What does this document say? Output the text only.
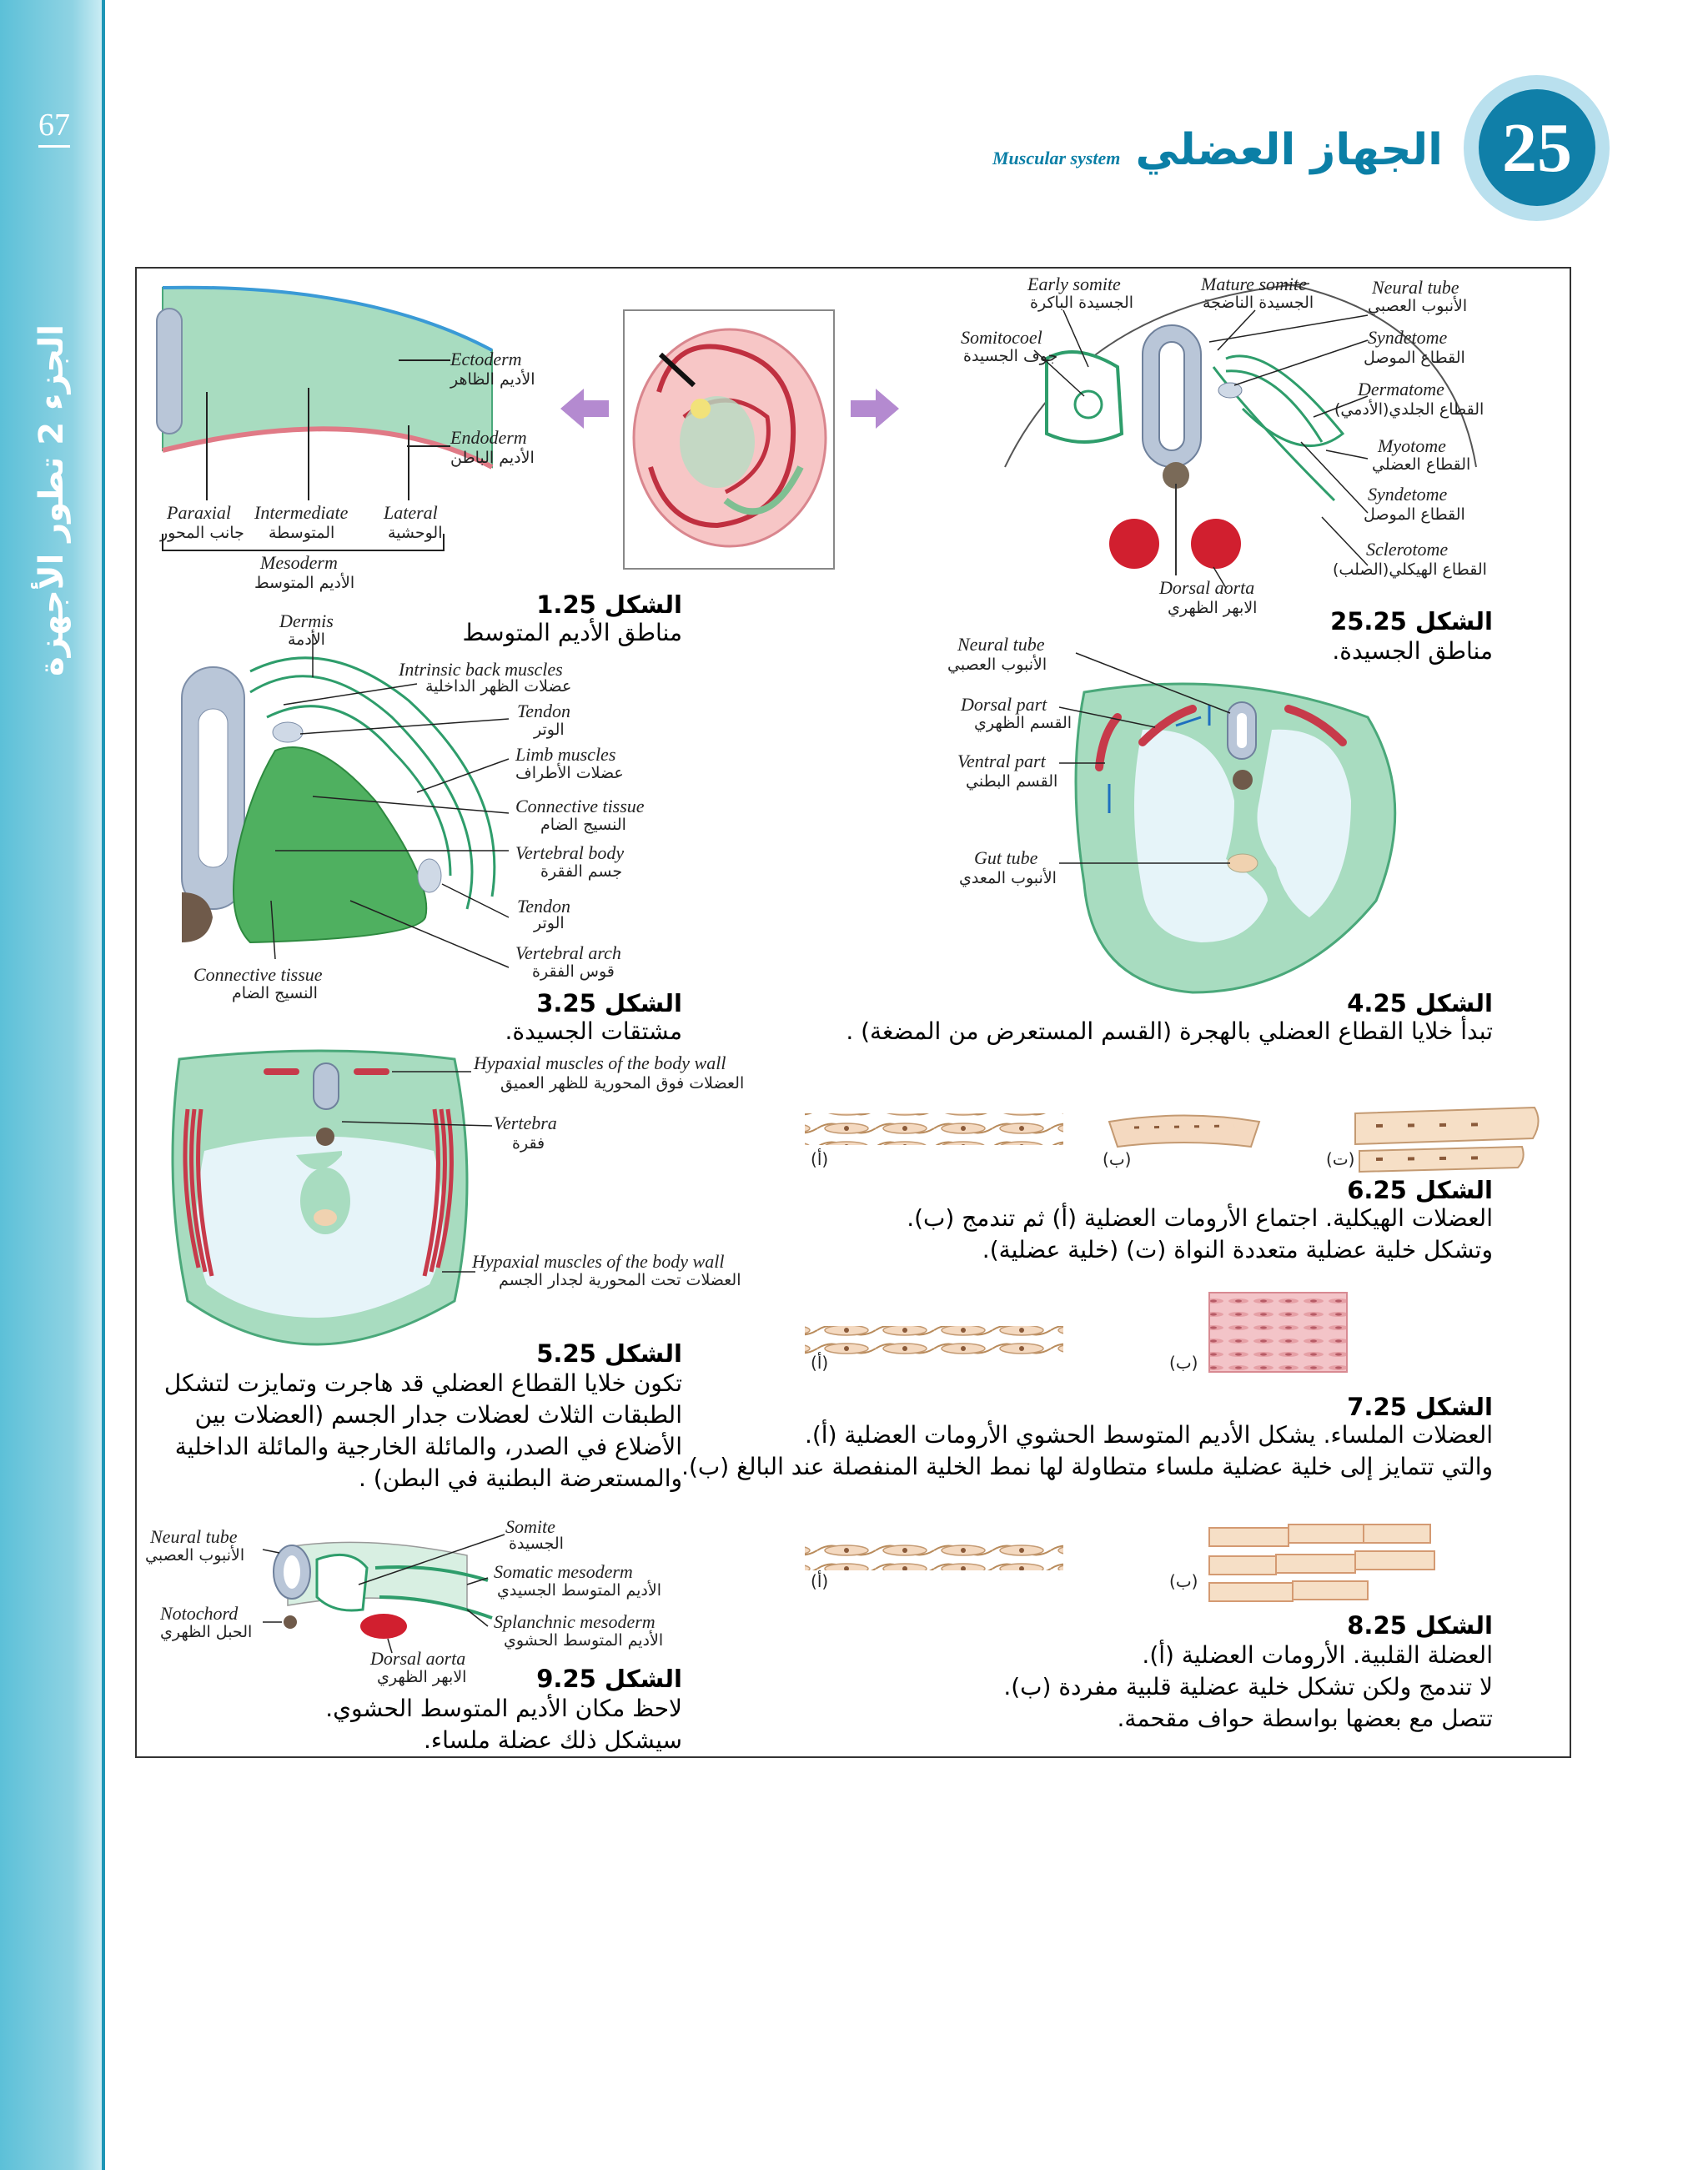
67
الجزء 2 تطور الأجهزة
Muscular system الجهاز العضلي 25
Ectoderm
الأديم الظاهر
Endoderm
الأديم الباطن
Paraxial
جانب المحور
Intermediate
المتوسطة
Lateral
الوحشية
Mesoderm
الأديم المتوسط
الشكل 1.25
مناطق الأديم المتوسط
Early somite
الجسيدة الباكرة
Mature somite
الجسيدة الناضجة
Neural tube
الأنبوب العصبي
Somitocoel
جوف الجسيدة
Syndetome
القطاع الموصل
Dermatome
القطاع الجلدي(الأدمي)
Myotome
القطاع العضلي
Syndetome
القطاع الموصل
Sclerotome
القطاع الهيكلي(الصلب)
Dorsal aorta
الابهر الظهري	الشكل 25.25
مناطق الجسيدة.
Dermis
الأدمة
Intrinsic back muscles
عضلات الظهر الداخلية
Tendon
الوتر
Limb muscles
عضلات الأطراف
Connective tissue
النسيج الضام
Vertebral body
جسم الفقرة
Tendon
الوتر
Vertebral arch
قوس الفقرة
Connective tissue
النسيج الضام	الشكل 3.25
مشتقات الجسيدة.
Neural tube
الأنبوب العصبي
Dorsal part
القسم الظهري
Ventral part
القسم البطني
Gut tube
الأنبوب المعدي
الشكل 4.25
تبدأ خلايا القطاع العضلي بالهجرة (القسم المستعرض من المضغة) .
Hypaxial muscles of the body wall
العضلات فوق المحورية للظهر العميق
Vertebra
فقرة
Hypaxial muscles of the body wall
العضلات تحت المحورية لجدار الجسم
الشكل 5.25
تكون خلايا القطاع العضلي قد هاجرت وتمايزت لتشكل
الطبقات الثلاث لعضلات جدار الجسم (العضلات بين
الأضلاع في الصدر، والمائلة الخارجية والمائلة الداخلية
والمستعرضة البطنية في البطن) .
(أ)	(ب)	(ت)
الشكل 6.25
العضلات الهيكلية. اجتماع الأرومات العضلية (أ) ثم تندمج (ب).
وتشكل خلية عضلية متعددة النواة (ت) (خلية عضلية).
(أ)	(ب)
الشكل 7.25
العضلات الملساء. يشكل الأديم المتوسط الحشوي الأرومات العضلية (أ).
والتي تتمايز إلى خلية عضلية ملساء متطاولة لها نمط الخلية المنفصلة عند البالغ (ب).
(أ)	(ب)
الشكل 8.25
العضلة القلبية. الأرومات العضلية (أ).
لا تندمج ولكن تشكل خلية عضلية قلبية مفردة (ب).
تتصل مع بعضها بواسطة حواف مقحمة.
Neural tube
الأنبوب العصبي
Somite
الجسيدة
Somatic mesoderm
الأديم المتوسط الجسيدي
Notochord
الحبل الظهري	Splanchnic mesoderm
الأديم المتوسط الحشوي
Dorsal aorta
الابهر الظهري	الشكل 9.25
لاحظ مكان الأديم المتوسط الحشوي.
سيشكل ذلك عضلة ملساء.
